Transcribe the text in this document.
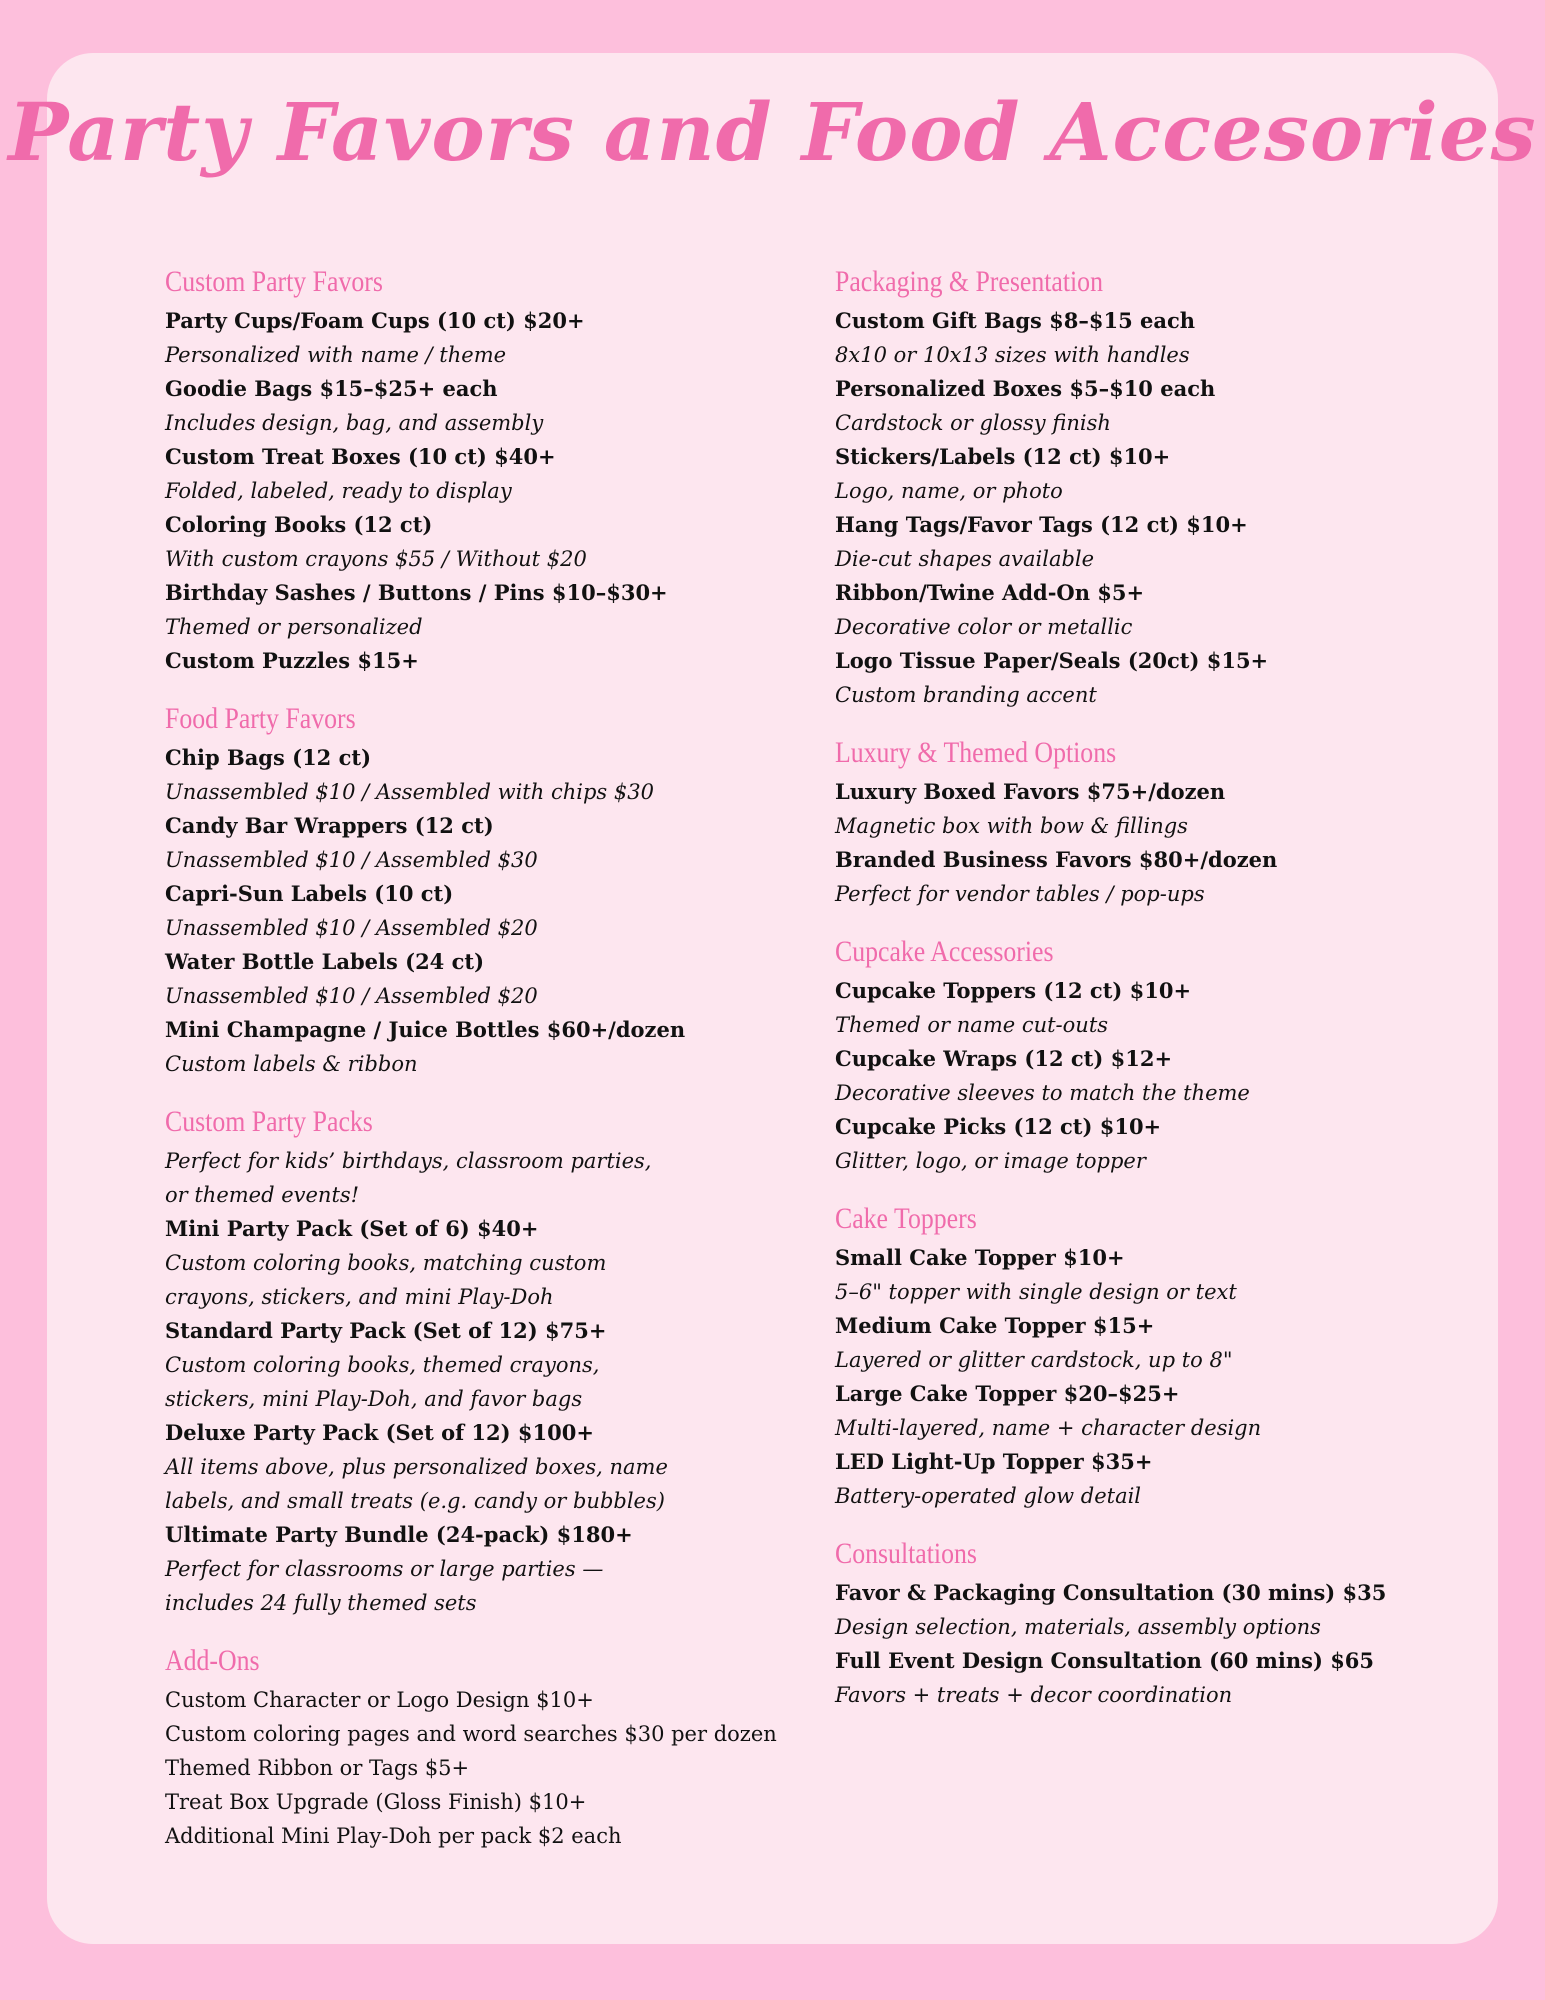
Party Favors and Food Accesories
Custom Party Favors
Party Cups/Foam Cups (10 ct) $20+
Personalized with name / theme
Goodie Bags $15–$25+ each
Includes design, bag, and assembly
Custom Treat Boxes (10 ct) $40+
Folded, labeled, ready to display
Coloring Books (12 ct)
With custom crayons $55 / Without $20
Birthday Sashes / Buttons / Pins $10–$30+
Themed or personalized
Custom Puzzles $15+
Food Party Favors
Chip Bags (12 ct)
Unassembled $10 / Assembled with chips $30
Candy Bar Wrappers (12 ct)
Unassembled $10 / Assembled $30
Capri-Sun Labels (10 ct)
Unassembled $10 / Assembled $20
Water Bottle Labels (24 ct)
Unassembled $10 / Assembled $20
Mini Champagne / Juice Bottles $60+/dozen
Custom labels & ribbon
Custom Party Packs
Perfect for kids’ birthdays, classroom parties,
or themed events!
Mini Party Pack (Set of 6) $40+
Custom coloring books, matching custom
crayons, stickers, and mini Play-Doh
Standard Party Pack (Set of 12) $75+
Custom coloring books, themed crayons,
stickers, mini Play-Doh, and favor bags
Deluxe Party Pack (Set of 12) $100+
All items above, plus personalized boxes, name
labels, and small treats (e.g. candy or bubbles)
Ultimate Party Bundle (24-pack) $180+
Perfect for classrooms or large parties —
includes 24 fully themed sets
Add-Ons
Custom Character or Logo Design $10+
Custom coloring pages and word searches $30 per dozen
Themed Ribbon or Tags $5+
Treat Box Upgrade (Gloss Finish) $10+
Additional Mini Play-Doh per pack $2 each
Packaging & Presentation
Custom Gift Bags $8–$15 each
8x10 or 10x13 sizes with handles
Personalized Boxes $5–$10 each
Cardstock or glossy finish
Stickers/Labels (12 ct) $10+
Logo, name, or photo
Hang Tags/Favor Tags (12 ct) $10+
Die-cut shapes available
Ribbon/Twine Add-On $5+
Decorative color or metallic
Logo Tissue Paper/Seals (20ct) $15+
Custom branding accent
Luxury & Themed Options
Luxury Boxed Favors $75+/dozen
Magnetic box with bow & fillings
Branded Business Favors $80+/dozen
Perfect for vendor tables / pop-ups
Cupcake Accessories
Cupcake Toppers (12 ct) $10+
Themed or name cut-outs
Cupcake Wraps (12 ct) $12+
Decorative sleeves to match the theme
Cupcake Picks (12 ct) $10+
Glitter, logo, or image topper
Cake Toppers
Small Cake Topper $10+
5–6" topper with single design or text
Medium Cake Topper $15+
Layered or glitter cardstock, up to 8"
Large Cake Topper $20–$25+
Multi-layered, name + character design
LED Light-Up Topper $35+
Battery-operated glow detail
Consultations
Favor & Packaging Consultation (30 mins) $35
Design selection, materials, assembly options
Full Event Design Consultation (60 mins) $65
Favors + treats + decor coordination
